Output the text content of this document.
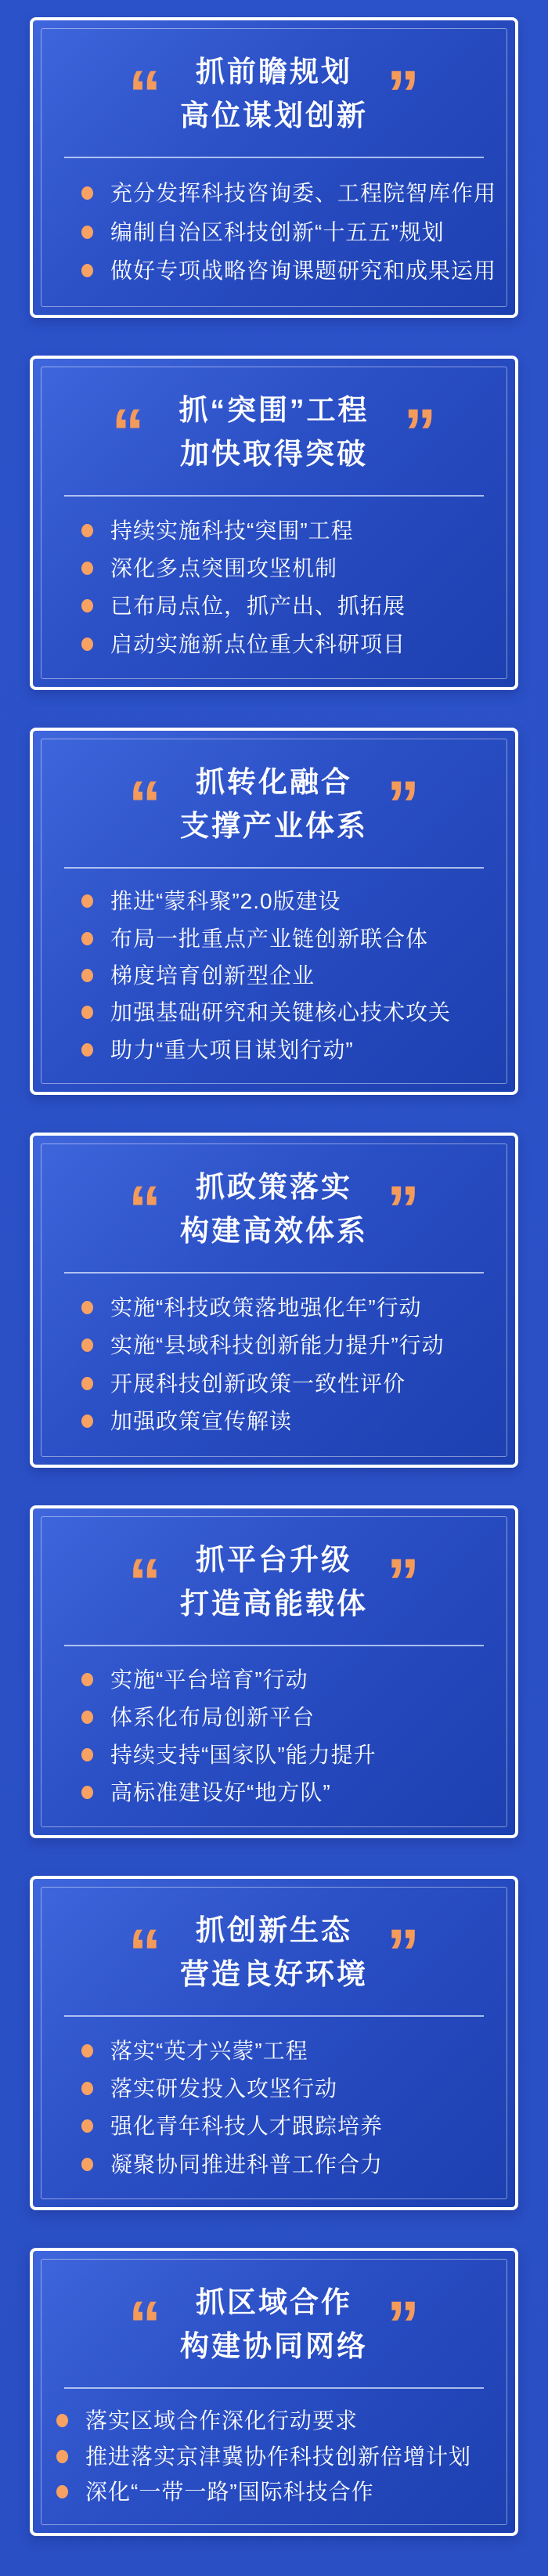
“ 抓前瞻规划 ”
高位谋划创新
充分发挥科技咨询委、工程院智库作用
编制自治区科技创新“十五五”规划
做好专项战略咨询课题研究和成果运用
“ 抓“突围”工程 ”
加快取得突破
持续实施科技“突围”工程
深化多点突围攻坚机制
已布局点位，抓产出、抓拓展
启动实施新点位重大科研项目
“ 抓转化融合 ”
支撑产业体系
推进“蒙科聚”2.0版建设
布局一批重点产业链创新联合体
梯度培育创新型企业
加强基础研究和关键核心技术攻关
助力“重大项目谋划行动”
“ 抓政策落实 ”
构建高效体系
实施“科技政策落地强化年”行动
实施“县域科技创新能力提升”行动
开展科技创新政策一致性评价
加强政策宣传解读
“ 抓平台升级 ”
打造高能载体
实施“平台培育”行动
体系化布局创新平台
持续支持“国家队”能力提升
高标准建设好“地方队”
“ 抓创新生态 ”
营造良好环境
落实“英才兴蒙”工程
落实研发投入攻坚行动
强化青年科技人才跟踪培养
凝聚协同推进科普工作合力
“ 抓区域合作 ”
构建协同网络
落实区域合作深化行动要求
推进落实京津冀协作科技创新倍增计划
深化“一带一路”国际科技合作
